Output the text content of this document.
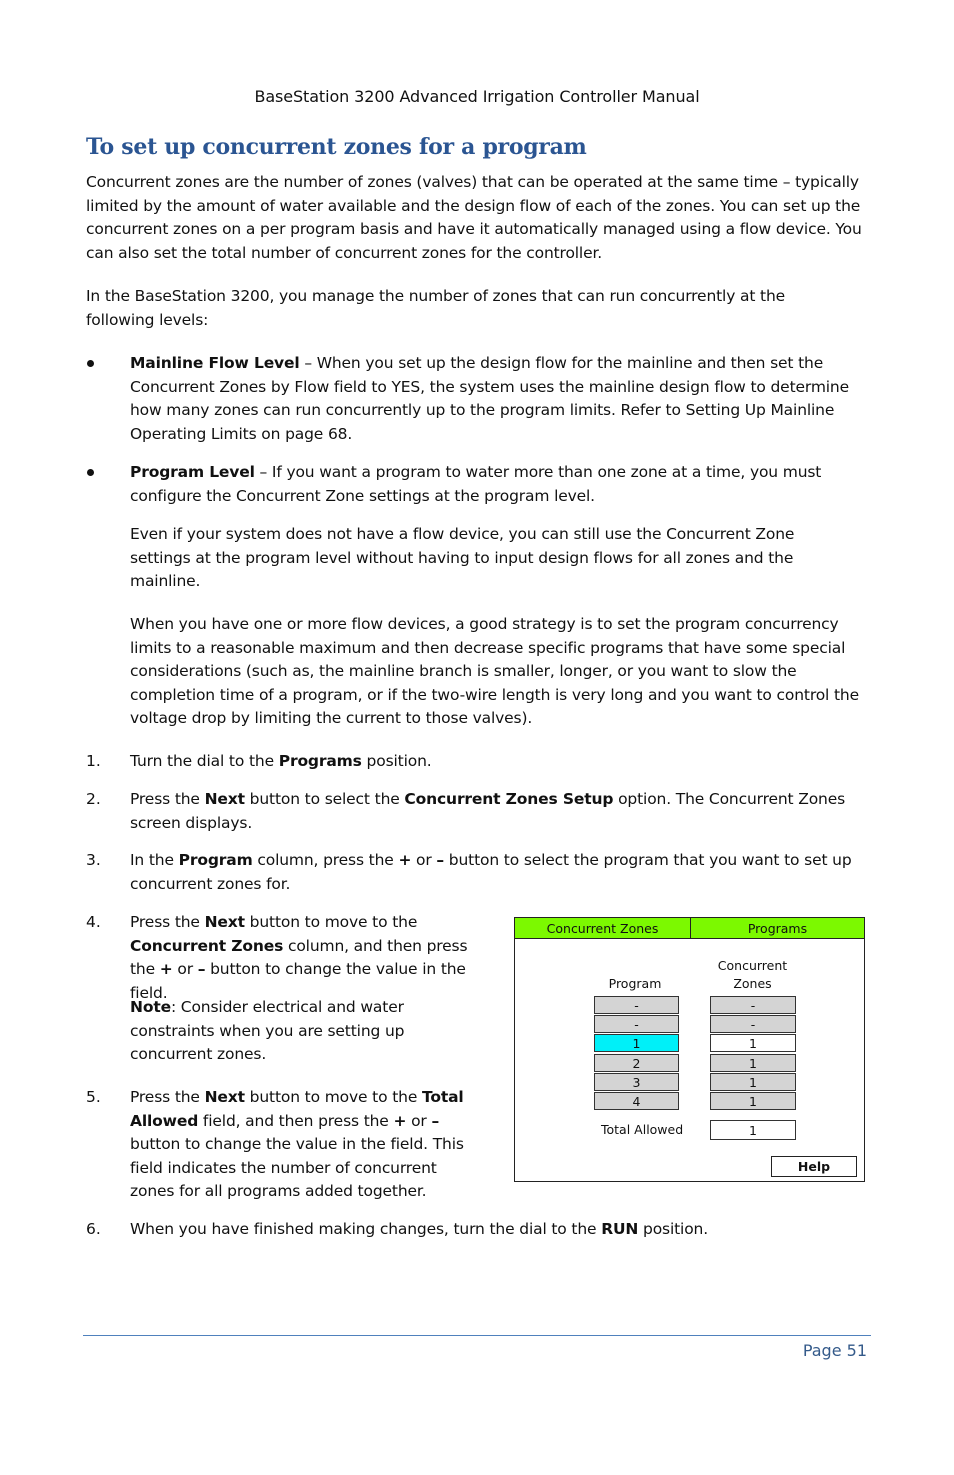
BaseStation 3200 Advanced Irrigation Controller Manual
To set up concurrent zones for a program

Concurrent zones are the number of zones (valves) that can be operated at the same time – typically limited by the amount of water available and the design flow of each of the zones. You can set up the concurrent zones on a per program basis and have it automatically managed using a flow device. You can also set the total number of concurrent zones for the controller.

In the BaseStation 3200, you manage the number of zones that can run concurrently at the following levels:

Mainline Flow Level – When you set up the design flow for the mainline and then set the Concurrent Zones by Flow field to YES, the system uses the mainline design flow to determine how many zones can run concurrently up to the program limits. Refer to Setting Up Mainline Operating Limits on page 68.

Program Level – If you want a program to water more than one zone at a time, you must configure the Concurrent Zone settings at the program level.

Even if your system does not have a flow device, you can still use the Concurrent Zone settings at the program level without having to input design flows for all zones and the mainline.

When you have one or more flow devices, a good strategy is to set the program concurrency limits to a reasonable maximum and then decrease specific programs that have some special considerations (such as, the mainline branch is smaller, longer, or you want to slow the completion time of a program, or if the two-wire length is very long and you want to control the voltage drop by limiting the current to those valves).

1. Turn the dial to the Programs position.

2. Press the Next button to select the Concurrent Zones Setup option. The Concurrent Zones screen displays.

3. In the Program column, press the + or – button to select the program that you want to set up concurrent zones for.

4. Press the Next button to move to the Concurrent Zones column, and then press the + or – button to change the value in the field.

Note: Consider electrical and water constraints when you are setting up concurrent zones.

5. Press the Next button to move to the Total Allowed field, and then press the + or – button to change the value in the field. This field indicates the number of concurrent zones for all programs added together.

6. When you have finished making changes, turn the dial to the RUN position.

Concurrent Zones	Programs
Program
Concurrent
Zones
-
-
1
2
3
4
-
-
1
1
1
1
Total Allowed	1
Help
Page 51
